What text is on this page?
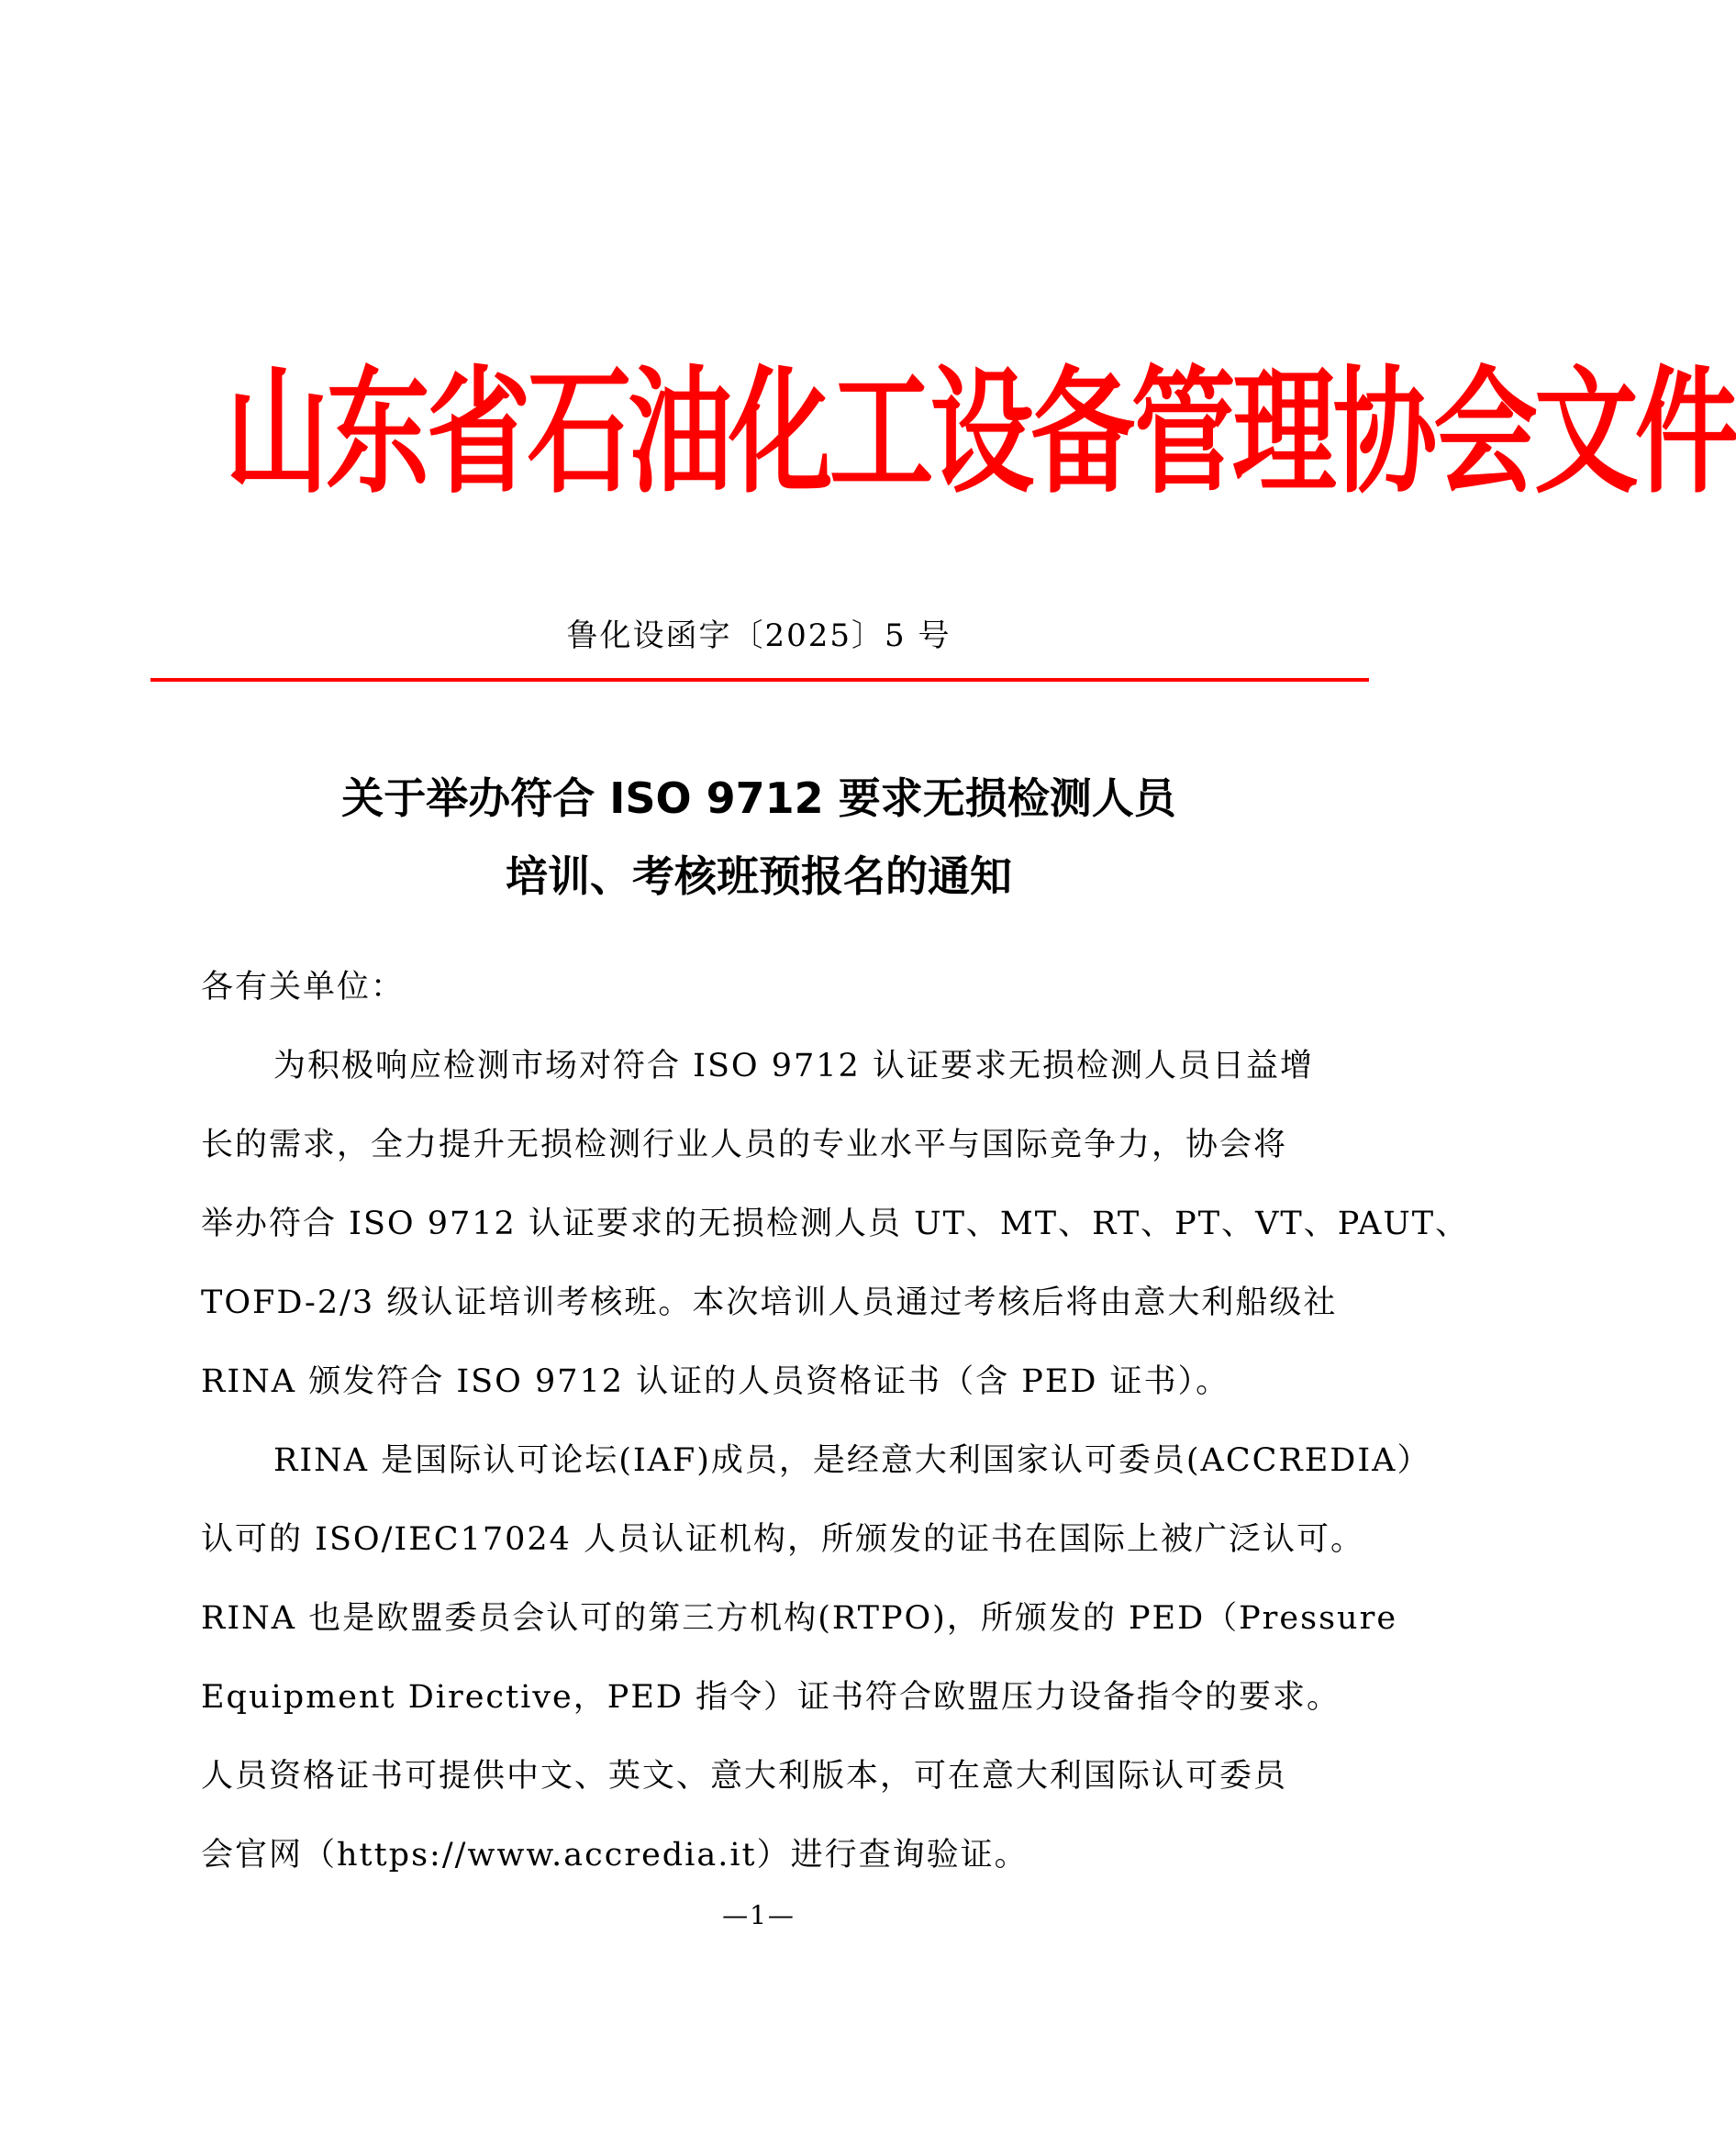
山东省石油化工设备管理协会文件
鲁化设函字〔2025〕5 号
关于举办符合 ISO 9712 要求无损检测人员
培训、考核班预报名的通知
各有关单位：
为积极响应检测市场对符合 ISO 9712 认证要求无损检测人员日益增
长的需求，全力提升无损检测行业人员的专业水平与国际竞争力，协会将
举办符合 ISO 9712 认证要求的无损检测人员 UT、MT、RT、PT、VT、PAUT、
TOFD-2/3 级认证培训考核班。本次培训人员通过考核后将由意大利船级社
RINA 颁发符合 ISO 9712 认证的人员资格证书（含 PED 证书）。
RINA 是国际认可论坛(IAF)成员，是经意大利国家认可委员(ACCREDIA）
认可的 ISO/IEC17024 人员认证机构，所颁发的证书在国际上被广泛认可。
RINA 也是欧盟委员会认可的第三方机构(RTPO)，所颁发的 PED（Pressure
Equipment Directive，PED 指令）证书符合欧盟压力设备指令的要求。
人员资格证书可提供中文、英文、意大利版本，可在意大利国际认可委员
会官网（https://www.accredia.it）进行查询验证。
—1—
